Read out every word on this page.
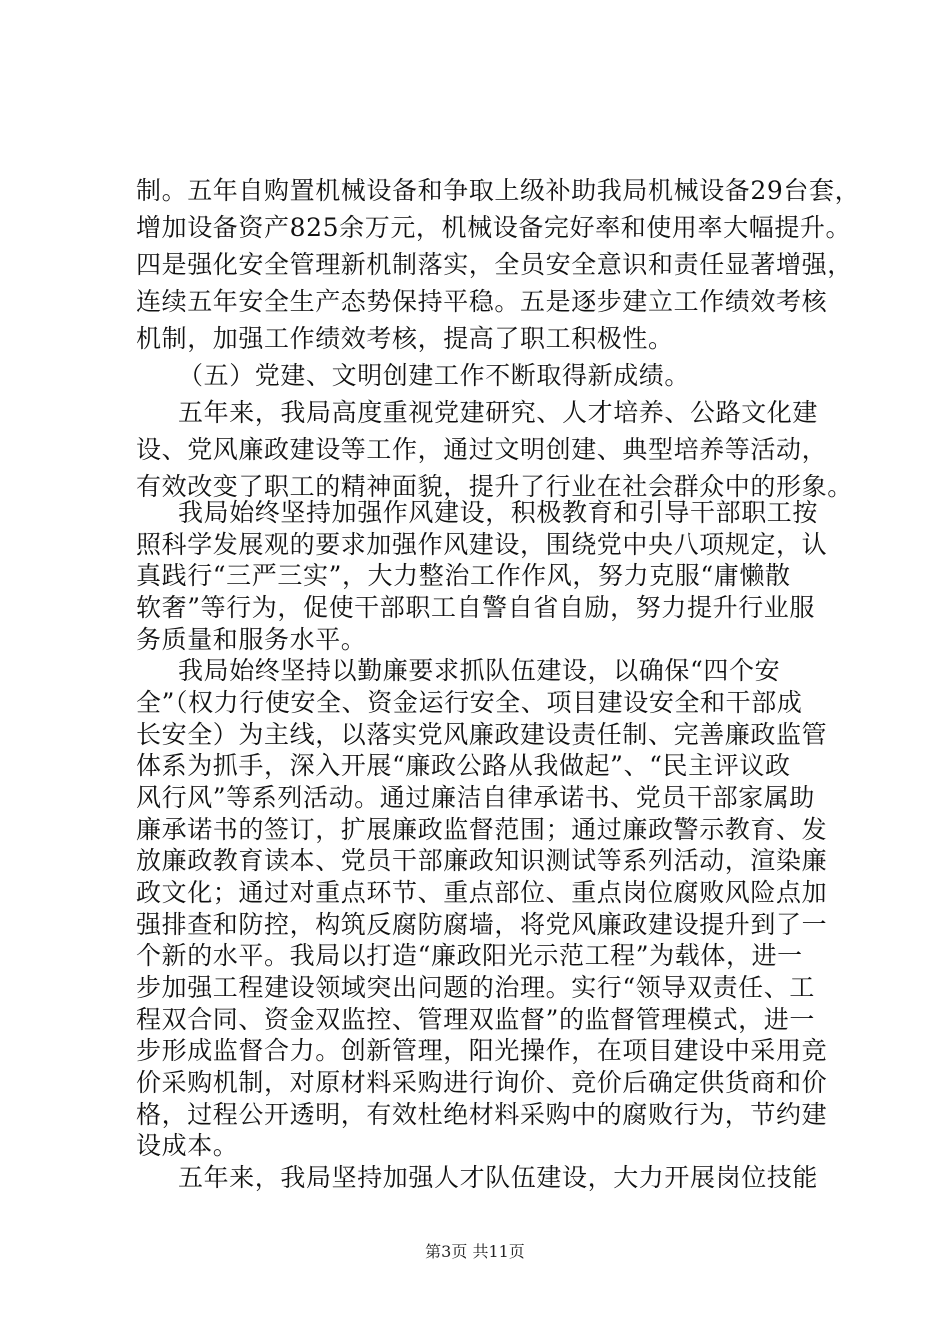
制。五年自购置机械设备和争取上级补助我局机械设备29台套，
增加设备资产825余万元，机械设备完好率和使用率大幅提升。
四是强化安全管理新机制落实，全员安全意识和责任显著增强，
连续五年安全生产态势保持平稳。五是逐步建立工作绩效考核
机制，加强工作绩效考核，提高了职工积极性。
（五）党建、文明创建工作不断取得新成绩。
五年来，我局高度重视党建研究、人才培养、公路文化建
设、党风廉政建设等工作，通过文明创建、典型培养等活动，
有效改变了职工的精神面貌，提升了行业在社会群众中的形象。
我局始终坚持加强作风建设，积极教育和引导干部职工按
照科学发展观的要求加强作风建设，围绕党中央八项规定，认
真践行“三严三实”，大力整治工作作风，努力克服“庸懒散
软奢”等行为，促使干部职工自警自省自励，努力提升行业服
务质量和服务水平。
我局始终坚持以勤廉要求抓队伍建设，以确保“四个安
全”（权力行使安全、资金运行安全、项目建设安全和干部成
长安全）为主线，以落实党风廉政建设责任制、完善廉政监管
体系为抓手，深入开展“廉政公路从我做起”、“民主评议政
风行风”等系列活动。通过廉洁自律承诺书、党员干部家属助
廉承诺书的签订，扩展廉政监督范围；通过廉政警示教育、发
放廉政教育读本、党员干部廉政知识测试等系列活动，渲染廉
政文化；通过对重点环节、重点部位、重点岗位腐败风险点加
强排查和防控，构筑反腐防腐墙，将党风廉政建设提升到了一
个新的水平。我局以打造“廉政阳光示范工程”为载体，进一
步加强工程建设领域突出问题的治理。实行“领导双责任、工
程双合同、资金双监控、管理双监督”的监督管理模式，进一
步形成监督合力。创新管理，阳光操作，在项目建设中采用竞
价采购机制，对原材料采购进行询价、竞价后确定供货商和价
格，过程公开透明，有效杜绝材料采购中的腐败行为，节约建
设成本。
五年来，我局坚持加强人才队伍建设，大力开展岗位技能
第3页 共11页
